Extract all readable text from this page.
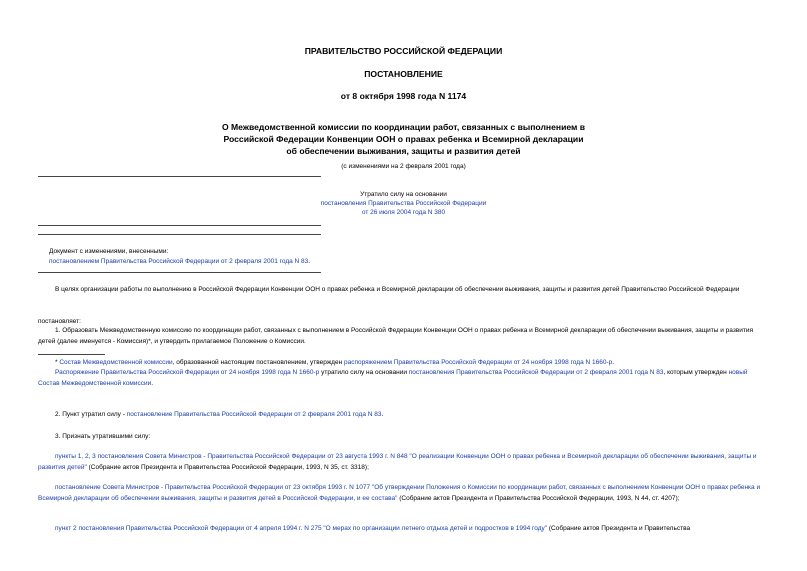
ПРАВИТЕЛЬСТВО РОССИЙСКОЙ ФЕДЕРАЦИИ
ПОСТАНОВЛЕНИЕ
от 8 октября 1998 года N 1174
О Межведомственной комиссии по координации работ, связанных с выполнением в
Российской Федерации Конвенции ООН о правах ребенка и Всемирной декларации
об обеспечении выживания, защиты и развития детей
(с изменениями на 2 февраля 2001 года)
Утратило силу на основании
постановления Правительства Российской Федерации
от 26 июля 2004 года N 380
Документ с изменениями, внесенными:
постановлением Правительства Российской Федерации от 2 февраля 2001 года N 83.
В целях организации работы по выполнению в Российской Федерации Конвенции ООН о правах ребенка и Всемирной декларации об обеспечении выживания, защиты и развития детей Правительство Российской Федерации
постановляет:
1. Образовать Межведомственную комиссию по координации работ, связанных с выполнением в Российской Федерации Конвенции ООН о правах ребенка и Всемирной декларации об обеспечении выживания, защиты и развития детей (далее именуется - Комиссия)*, и утвердить прилагаемое Положение о Комиссии.
* Состав Межведомственной комиссии, образованной настоящим постановлением, утвержден распоряжением Правительства Российской Федерации от 24 ноября 1998 года N 1660-р.
Распоряжение Правительства Российской Федерации от 24 ноября 1998 года N 1660-р утратило силу на основании постановления Правительства Российской Федерации от 2 февраля 2001 года N 83, которым утвержден новый Состав Межведомственной комиссии.
2. Пункт утратил силу - постановление Правительства Российской Федерации от 2 февраля 2001 года N 83.
3. Признать утратившими силу:
пункты 1, 2, 3 постановления Совета Министров - Правительства Российской Федерации от 23 августа 1993 г. N 848 "О реализации Конвенции ООН о правах ребенка и Всемирной декларации об обеспечении выживания, защиты и развития детей" (Собрание актов Президента и Правительства Российской Федерации, 1993, N 35, ст. 3318);
постановление Совета Министров - Правительства Российской Федерации от 23 октября 1993 г. N 1077 "Об утверждении Положения о Комиссии по координации работ, связанных с выполнением Конвенции ООН о правах ребенка и Всемирной декларации об обеспечении выживания, защиты и развития детей в Российской Федерации, и ее состава" (Собрание актов Президента и Правительства Российской Федерации, 1993, N 44, ст. 4207);
пункт 2 постановления Правительства Российской Федерации от 4 апреля 1994 г. N 275 "О мерах по организации летнего отдыха детей и подростков в 1994 году" (Собрание актов Президента и Правительства
